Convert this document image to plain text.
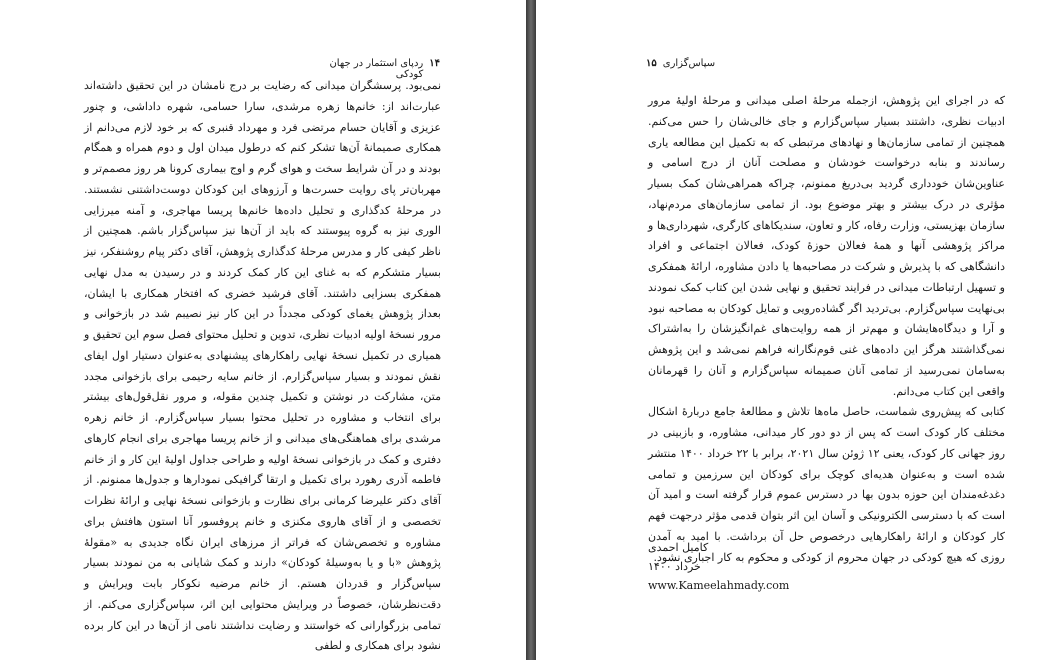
۱۴
ردپای استثمار در جهان کودکی

نمی‌بود. پرسشگران میدانی که رضایت بر درج نامشان در این تحقیق داشته‌اند عبارت‌اند از: خانم‌ها زهره مرشدی، سارا حسامی، شهره داداشی، و چنور عزیزی و آقایان حسام مرتضی فرد و مهرداد قنبری که بر خود لازم می‌دانم از همکاری صمیمانهٔ آن‌ها تشکر کنم که درطول میدان اول و دوم همراه و همگام بودند و در آن شرایط سخت و هوای گرم و اوج بیماری کرونا هر روز مصمم‌تر و مهربان‌تر پای روایت حسرت‌ها و آرزوهای این کودکان دوست‌داشتنی نشستند. در مرحلهٔ کدگذاری و تحلیل داده‌ها خانم‌ها پریسا مهاجری، و آمنه میرزایی الوری نیز به گروه پیوستند که باید از آن‌ها نیز سپاس‌گزار باشم. همچنین از ناظر کیفی کار و مدرس مرحلهٔ کدگذاری پژوهش، آقای دکتر پیام روشنفکر، نیز بسیار متشکرم که به غنای این کار کمک کردند و در رسیدن به مدل نهایی همفکری بسزایی داشتند. آقای فرشید خضری که افتخار همکاری با ایشان، بعداز پژوهش یغمای کودکی مجدداً در این کار نیز نصیبم شد در بازخوانی و مرور نسخهٔ اولیه ادبیات نظری، تدوین و تحلیل محتوای فصل سوم این تحقیق و همیاری در تکمیل نسخهٔ نهایی راهکارهای پیشنهادی به‌عنوان دستیار اول ایفای نقش نمودند و بسیار سپاس‌گزارم. از خانم سایه رحیمی برای بازخوانی مجدد متن، مشارکت در نوشتن و تکمیل چندین مقوله، و مرور نقل‌قول‌های بیشتر برای انتخاب و مشاوره در تحلیل محتوا بسیار سپاس‌گزارم. از خانم زهره مرشدی برای هماهنگی‌های میدانی و از خانم پریسا مهاجری برای انجام کارهای دفتری و کمک در بازخوانی نسخهٔ اولیه و طراحی جداول اولیهٔ این کار و از خانم فاطمه آذری رهورد برای تکمیل و ارتقا گرافیکی نمودارها و جدول‌ها ممنونم. از آقای دکتر علیرضا کرمانی برای نظارت و بازخوانی نسخهٔ نهایی و ارائهٔ نظرات تخصصی و از آقای هاروی مکنزی و خانم پروفسور آنا استون هافتش برای مشاوره و تخصص‌شان که فراتر از مرزهای ایران نگاه جدیدی به «مقولهٔ پژوهش «با و یا به‌وسیلهٔ کودکان» دارند و کمک شایانی به من نمودند بسیار سپاس‌گزار و قدردان هستم. از خانم مرضیه نکوکار بابت ویرایش و دقت‌نظرشان، خصوصاً در ویرایش محتوایی این اثر، سپاس‌گزاری می‌کنم. از تمامی بزرگوارانی که خواستند و رضایت نداشتند نامی از آن‌ها در این کار برده نشود برای همکاری و لطفی

سپاس‌گزاری
۱۵

که در اجرای این پژوهش، ازجمله مرحلهٔ اصلی میدانی و مرحلهٔ اولیهٔ مرور ادبیات نظری، داشتند بسیار سپاس‌گزارم و جای خالی‌شان را حس می‌کنم. همچنین از تمامی سازمان‌ها و نهادهای مرتبطی که به تکمیل این مطالعه یاری رساندند و بنابه درخواست خودشان و مصلحت آنان از درج اسامی و عناوین‌شان خودداری گردید بی‌دریغ ممنونم، چراکه همراهی‌شان کمک بسیار مؤثری در درک بیشتر و بهتر موضوع بود. از تمامی سازمان‌های مردم‌نهاد، سازمان بهزیستی، وزارت رفاه، کار و تعاون، سندیکاهای کارگری، شهرداری‌ها و مراکز پژوهشی آنها و همهٔ فعالان حوزهٔ کودک، فعالان اجتماعی و افراد دانشگاهی که با پذیرش و شرکت در مصاحبه‌ها یا دادن مشاوره، ارائهٔ همفکری و تسهیل ارتباطات میدانی در فرایند تحقیق و نهایی شدن این کتاب کمک نمودند بی‌نهایت سپاس‌گزارم. بی‌تردید اگر گشاده‌رویی و تمایل کودکان به مصاحبه نبود و آرا و دیدگاه‌هایشان و مهم‌تر از همه روایت‌های غم‌انگیزشان را به‌اشتراک نمی‌گذاشتند هرگز این داده‌های غنی قوم‌نگارانه فراهم نمی‌شد و این پژوهش به‌سامان نمی‌رسید از تمامی آنان صمیمانه سپاس‌گزارم و آنان را قهرمانان واقعی این کتاب می‌دانم.

کتابی که پیش‌روی شماست، حاصل ماه‌ها تلاش و مطالعهٔ جامع دربارهٔ اشکال مختلف کار کودک است که پس از دو دور کار میدانی، مشاوره، و بازبینی در روز جهانی کار کودک، یعنی ۱۲ ژوئن سال ۲۰۲۱، برابر با ۲۲ خرداد ۱۴۰۰ منتشر شده است و به‌عنوان هدیه‌ای کوچک برای کودکان این سرزمین و تمامی دغدغه‌مندان این حوزه بدون بها در دسترس عموم قرار گرفته است و امید آن است که با دسترسی الکترونیکی و آسان این اثر بتوان قدمی مؤثر درجهت فهم کار کودکان و ارائهٔ راهکارهایی درخصوص حل آن برداشت. با امید به آمدن روزی که هیچ کودکی در جهان محروم از کودکی و محکوم به کار اجباری نشود.

کامیل احمدی
خرداد ۱۴۰۰
www.Kameelahmady.com
